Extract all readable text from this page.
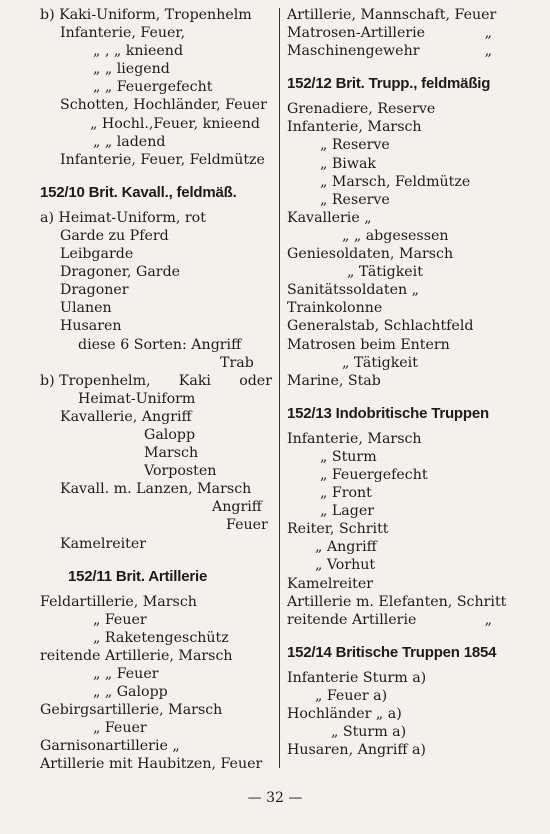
b) Kaki-Uniform, Tropenhelm
Infanterie, Feuer,
„ ‚ „ knieend
„ „ liegend
„ „ Feuergefecht
Schotten, Hochländer, Feuer
„ Hochl.,Feuer, knieend
„ „ ladend
Infanterie, Feuer, Feldmütze
152/10 Brit. Kavall., feldmäß.
a) Heimat-Uniform, rot
Garde zu Pferd
Leibgarde
Dragoner, Garde
Dragoner
Ulanen
Husaren
diese 6 Sorten: Angriff
Trab
b) Tropenhelm, Kaki oder
Heimat-Uniform
Kavallerie, Angriff
Galopp
Marsch
Vorposten
Kavall. m. Lanzen, Marsch
Angriff
Feuer
Kamelreiter
152/11 Brit. Artillerie
Feldartillerie, Marsch
„ Feuer
„ Raketengeschütz
reitende Artillerie, Marsch
„ „ Feuer
„ „ Galopp
Gebirgsartillerie, Marsch
„ Feuer
Garnisonartillerie „
Artillerie mit Haubitzen, Feuer
Artillerie, Mannschaft, Feuer
Matrosen-Artillerie	„
Maschinengewehr	„
152/12 Brit. Trupp., feldmäßig
Grenadiere, Reserve
Infanterie, Marsch
„ Reserve
„ Biwak
„ Marsch, Feldmütze
„ Reserve
Kavallerie „
„ „ abgesessen
Geniesoldaten, Marsch
„ Tätigkeit
Sanitätssoldaten „
Trainkolonne
Generalstab, Schlachtfeld
Matrosen beim Entern
„ Tätigkeit
Marine, Stab
152/13 Indobritische Truppen
Infanterie, Marsch
„ Sturm
„ Feuergefecht
„ Front
„ Lager
Reiter, Schritt
„ Angriff
„ Vorhut
Kamelreiter
Artillerie m. Elefanten, Schritt
reitende Artillerie	„
152/14 Britische Truppen 1854
Infanterie Sturm a)
„ Feuer a)
Hochländer „ a)
„ Sturm a)
Husaren, Angriff a)
— 32 —
